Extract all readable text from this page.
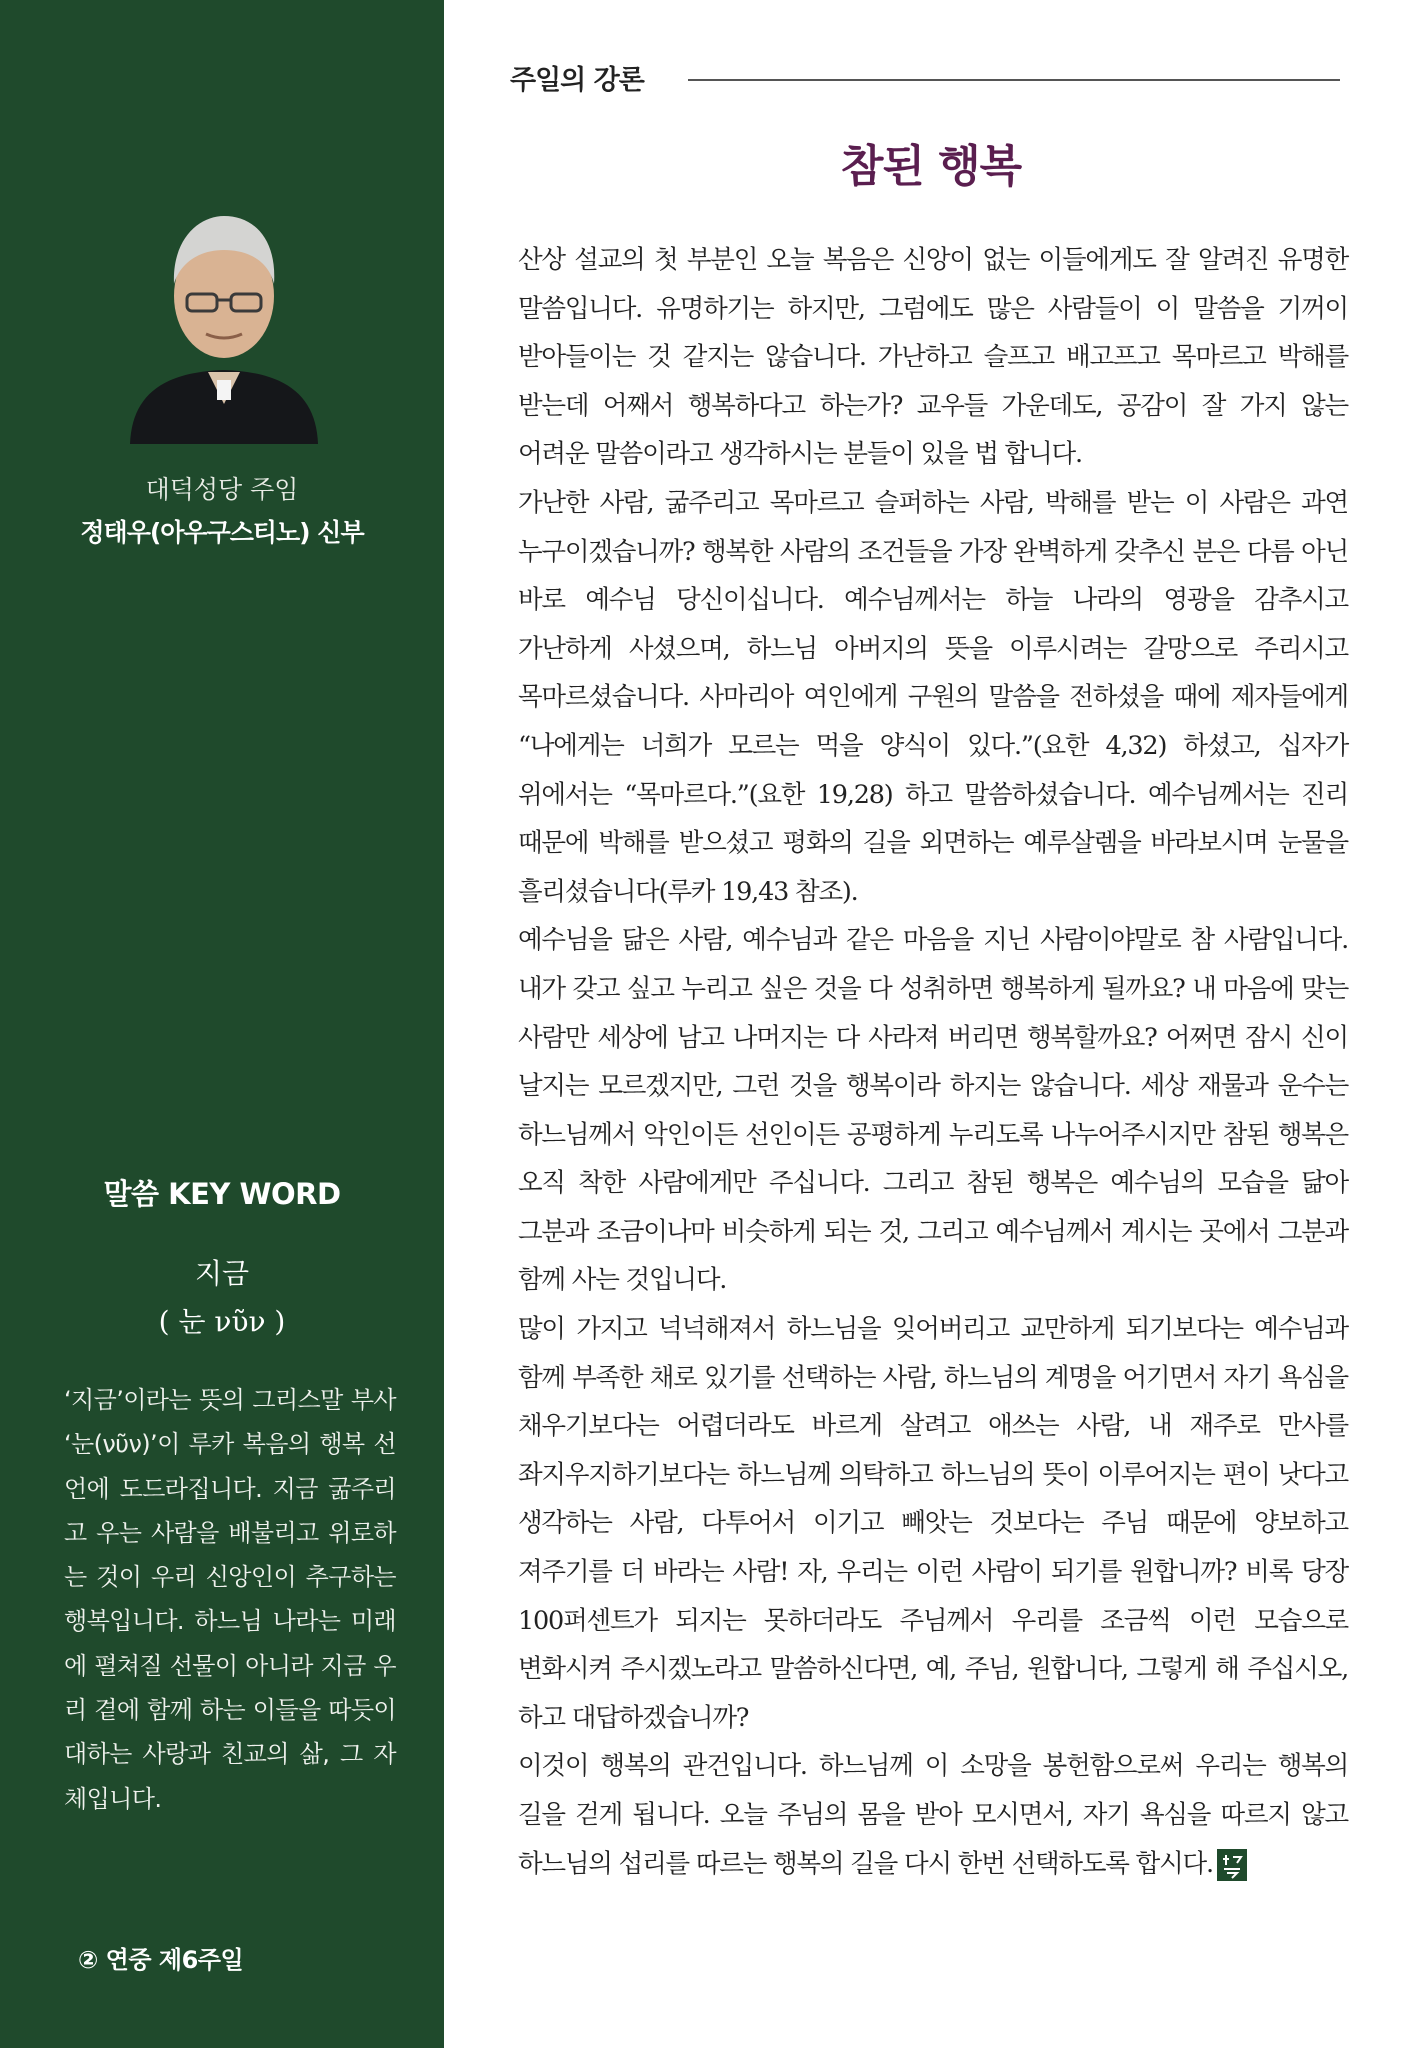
대덕성당 주임
정태우(아우구스티노) 신부
말씀 KEY WORD
지금
( 눈 νῦν )
‘지금’이라는 뜻의 그리스말 부사 ‘눈(νῦν)’이 루카 복음의 행복 선언에 도드라집니다. 지금 굶주리고 우는 사람을 배불리고 위로하는 것이 우리 신앙인이 추구하는 행복입니다. 하느님 나라는 미래에 펼쳐질 선물이 아니라 지금 우리 곁에 함께 하는 이들을 따듯이 대하는 사랑과 친교의 삶, 그 자체입니다.
② 연중 제6주일
주일의 강론
참된 행복

산상 설교의 첫 부분인 오늘 복음은 신앙이 없는 이들에게도 잘 알려진 유명한 말씀입니다. 유명하기는 하지만, 그럼에도 많은 사람들이 이 말씀을 기꺼이 받아들이는 것 같지는 않습니다. 가난하고 슬프고 배고프고 목마르고 박해를 받는데 어째서 행복하다고 하는가? 교우들 가운데도, 공감이 잘 가지 않는 어려운 말씀이라고 생각하시는 분들이 있을 법 합니다.

가난한 사람, 굶주리고 목마르고 슬퍼하는 사람, 박해를 받는 이 사람은 과연 누구이겠습니까? 행복한 사람의 조건들을 가장 완벽하게 갖추신 분은 다름 아닌 바로 예수님 당신이십니다. 예수님께서는 하늘 나라의 영광을 감추시고 가난하게 사셨으며, 하느님 아버지의 뜻을 이루시려는 갈망으로 주리시고 목마르셨습니다. 사마리아 여인에게 구원의 말씀을 전하셨을 때에 제자들에게 “나에게는 너희가 모르는 먹을 양식이 있다.”(요한 4,32) 하셨고, 십자가 위에서는 “목마르다.”(요한 19,28) 하고 말씀하셨습니다. 예수님께서는 진리 때문에 박해를 받으셨고 평화의 길을 외면하는 예루살렘을 바라보시며 눈물을 흘리셨습니다(루카 19,43 참조).

예수님을 닮은 사람, 예수님과 같은 마음을 지닌 사람이야말로 참 사람입니다. 내가 갖고 싶고 누리고 싶은 것을 다 성취하면 행복하게 될까요? 내 마음에 맞는 사람만 세상에 남고 나머지는 다 사라져 버리면 행복할까요? 어쩌면 잠시 신이 날지는 모르겠지만, 그런 것을 행복이라 하지는 않습니다. 세상 재물과 운수는 하느님께서 악인이든 선인이든 공평하게 누리도록 나누어주시지만 참된 행복은 오직 착한 사람에게만 주십니다. 그리고 참된 행복은 예수님의 모습을 닮아 그분과 조금이나마 비슷하게 되는 것, 그리고 예수님께서 계시는 곳에서 그분과 함께 사는 것입니다.

많이 가지고 넉넉해져서 하느님을 잊어버리고 교만하게 되기보다는 예수님과 함께 부족한 채로 있기를 선택하는 사람, 하느님의 계명을 어기면서 자기 욕심을 채우기보다는 어렵더라도 바르게 살려고 애쓰는 사람, 내 재주로 만사를 좌지우지하기보다는 하느님께 의탁하고 하느님의 뜻이 이루어지는 편이 낫다고 생각하는 사람, 다투어서 이기고 빼앗는 것보다는 주님 때문에 양보하고 져주기를 더 바라는 사람! 자, 우리는 이런 사람이 되기를 원합니까? 비록 당장 100퍼센트가 되지는 못하더라도 주님께서 우리를 조금씩 이런 모습으로 변화시켜 주시겠노라고 말씀하신다면, 예, 주님, 원합니다, 그렇게 해 주십시오, 하고 대답하겠습니까?

이것이 행복의 관건입니다. 하느님께 이 소망을 봉헌함으로써 우리는 행복의 길을 걷게 됩니다. 오늘 주님의 몸을 받아 모시면서, 자기 욕심을 따르지 않고 하느님의 섭리를 따르는 행복의 길을 다시 한번 선택하도록 합시다.
